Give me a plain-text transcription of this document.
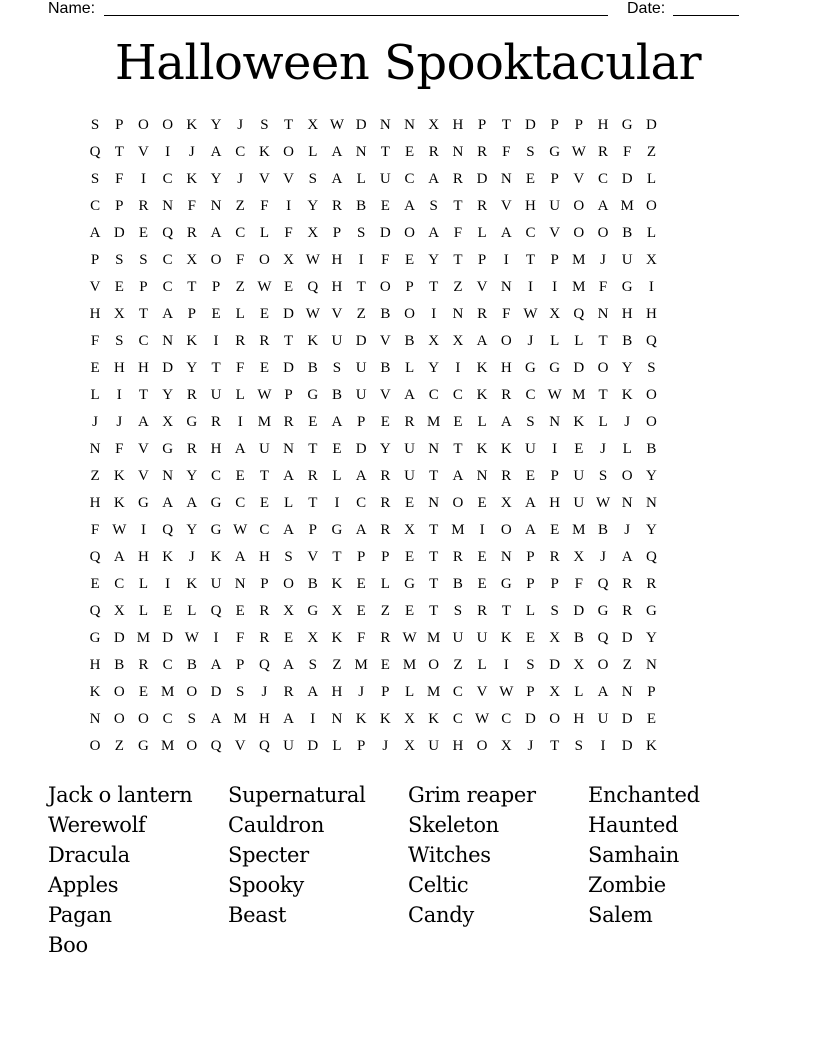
Name:	Date:
Halloween Spooktacular
S	P O O K Y	J	S	T X W D N N X H P	T D P	P H G D
Q T V	I	J	A C K O L A N T	E R N R	F	S G W R	F	Z
S	F	I	C K Y	J	V V S A L U C A R D N E	P V C D L
C	P	R N F N Z	F	I	Y R B E A S	T R V H U O A M O
A D E Q R A C L	F X P	S D O A F	L A C V O O B L
P	S	S	C X O F O X W H	I	F	E Y T	P	I	T	P M J	U X
V E	P	C T	P	Z W E Q H T O P	T	Z V N	I	I	M F G	I
H X T A P	E	L	E D W V Z B O	I	N R	F W X Q N H H
F	S	C N K	I	R R T K U D V B X X A O	J	L	L	T B Q
E H H D Y T	F	E D B	S U B L Y	I	K H G G D O Y S
L	I	T Y R U L W P G B U V A C C K R C W M T K O
J	J	A X G R	I	M R E A P	E R M E	L A S N K L	J	O
N F V G R H A U N T	E D Y U N T K K U	I	E	J	L B
Z K V N Y C E	T A R L A R U T A N R E	P U S O Y
H K G A A G C E	L	T	I	C R E N O E X A H U W N N
F W I	Q Y G W C A P G A R X T M	I	O A E M B	J	Y
Q A H K	J	K A H S V T	P	P	E	T R E N P	R X	J	A Q
E C L	I	K U N P O B K E	L G T B E G P	P	F Q R R
Q X L	E	L Q E R X G X E	Z	E	T	S	R T	L	S D G R G
G D M D W I	F	R E X K F	R W M U U K E X B Q D Y
H B R C B A P Q A S	Z M E M O Z	L	I	S D X O Z N
K O E M O D S	J	R A H	J	P	L M C V W P X L A N P
N O O C	S A M H A	I	N K K X K C W C D O H U D E
O Z G M O Q V Q U D L	P	J	X U H O X	J	T	S	I	D K
Jack o lantern	Supernatural	Grim reaper	Enchanted
Werewolf	Cauldron	Skeleton	Haunted
Dracula	Specter	Witches	Samhain
Apples	Spooky	Celtic	Zombie
Pagan	Beast	Candy	Salem
Boo
